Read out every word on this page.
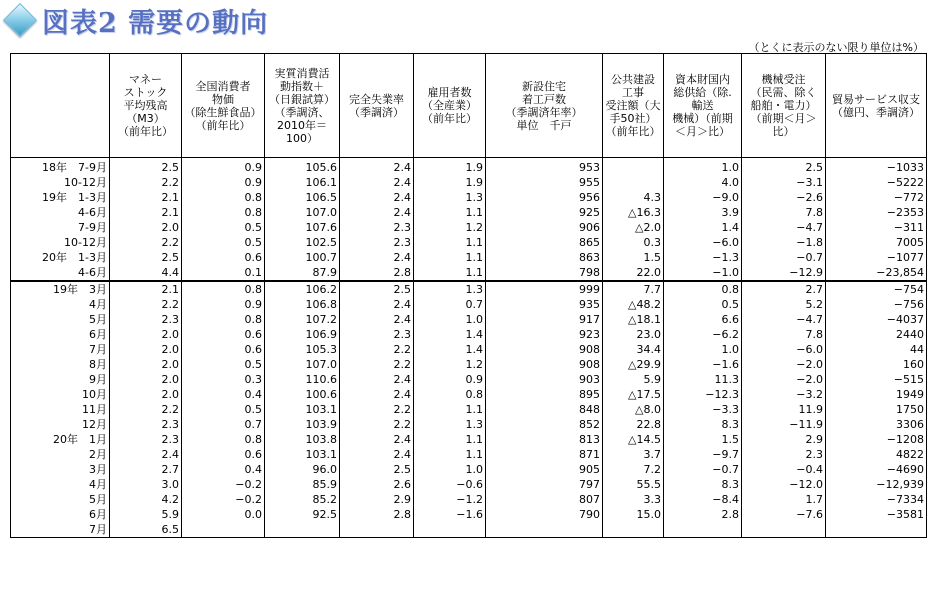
図表2 需要の動向
（とくに表示のない限り単位は%）
	マネー
ストック
平均残高
（M3）
（前年比）	全国消費者
物価
（除生鮮食品）
（前年比）	実質消費活
動指数＋
（日銀試算）
（季調済、
2010年＝100）	完全失業率
（季調済）	雇用者数
（全産業）
（前年比）	新設住宅
着工戸数
（季調済年率）
単位　千戸	公共建設
工事
受注額（大
手50社）
（前年比）	資本財国内
総供給（除.
輸送
機械）（前期
＜月＞比）	機械受注
（民需、除く
船舶・電力）
（前期＜月＞
比）	貿易サービス収支
（億円、季調済）

18年　7-9月	2.5	0.9	105.6	2.4	1.9	953		1.0	2.5	−1033
10-12月	2.2	0.9	106.1	2.4	1.9	955		4.0	−3.1	−5222
19年　1-3月	2.1	0.8	106.5	2.4	1.3	956	4.3	−9.0	−2.6	−772
4-6月	2.1	0.8	107.0	2.4	1.1	925	△16.3	3.9	7.8	−2353
7-9月	2.0	0.5	107.6	2.3	1.2	906	△2.0	1.4	−4.7	−311
10-12月	2.2	0.5	102.5	2.3	1.1	865	0.3	−6.0	−1.8	7005
20年　1-3月	2.5	0.6	100.7	2.4	1.1	863	1.5	−1.3	−0.7	−1077
4-6月	4.4	0.1	87.9	2.8	1.1	798	22.0	−1.0	−12.9	−23,854
19年　3月	2.1	0.8	106.2	2.5	1.3	999	7.7	0.8	2.7	−754
4月	2.2	0.9	106.8	2.4	0.7	935	△48.2	0.5	5.2	−756
5月	2.3	0.8	107.2	2.4	1.0	917	△18.1	6.6	−4.7	−4037
6月	2.0	0.6	106.9	2.3	1.4	923	23.0	−6.2	7.8	2440
7月	2.0	0.6	105.3	2.2	1.4	908	34.4	1.0	−6.0	44
8月	2.0	0.5	107.0	2.2	1.2	908	△29.9	−1.6	−2.0	160
9月	2.0	0.3	110.6	2.4	0.9	903	5.9	11.3	−2.0	−515
10月	2.0	0.4	100.6	2.4	0.8	895	△17.5	−12.3	−3.2	1949
11月	2.2	0.5	103.1	2.2	1.1	848	△8.0	−3.3	11.9	1750
12月	2.3	0.7	103.9	2.2	1.3	852	22.8	8.3	−11.9	3306
20年　1月	2.3	0.8	103.8	2.4	1.1	813	△14.5	1.5	2.9	−1208
2月	2.4	0.6	103.1	2.4	1.1	871	3.7	−9.7	2.3	4822
3月	2.7	0.4	96.0	2.5	1.0	905	7.2	−0.7	−0.4	−4690
4月	3.0	−0.2	85.9	2.6	−0.6	797	55.5	8.3	−12.0	−12,939
5月	4.2	−0.2	85.2	2.9	−1.2	807	3.3	−8.4	1.7	−7334
6月	5.9	0.0	92.5	2.8	−1.6	790	15.0	2.8	−7.6	−3581
7月	6.5									
